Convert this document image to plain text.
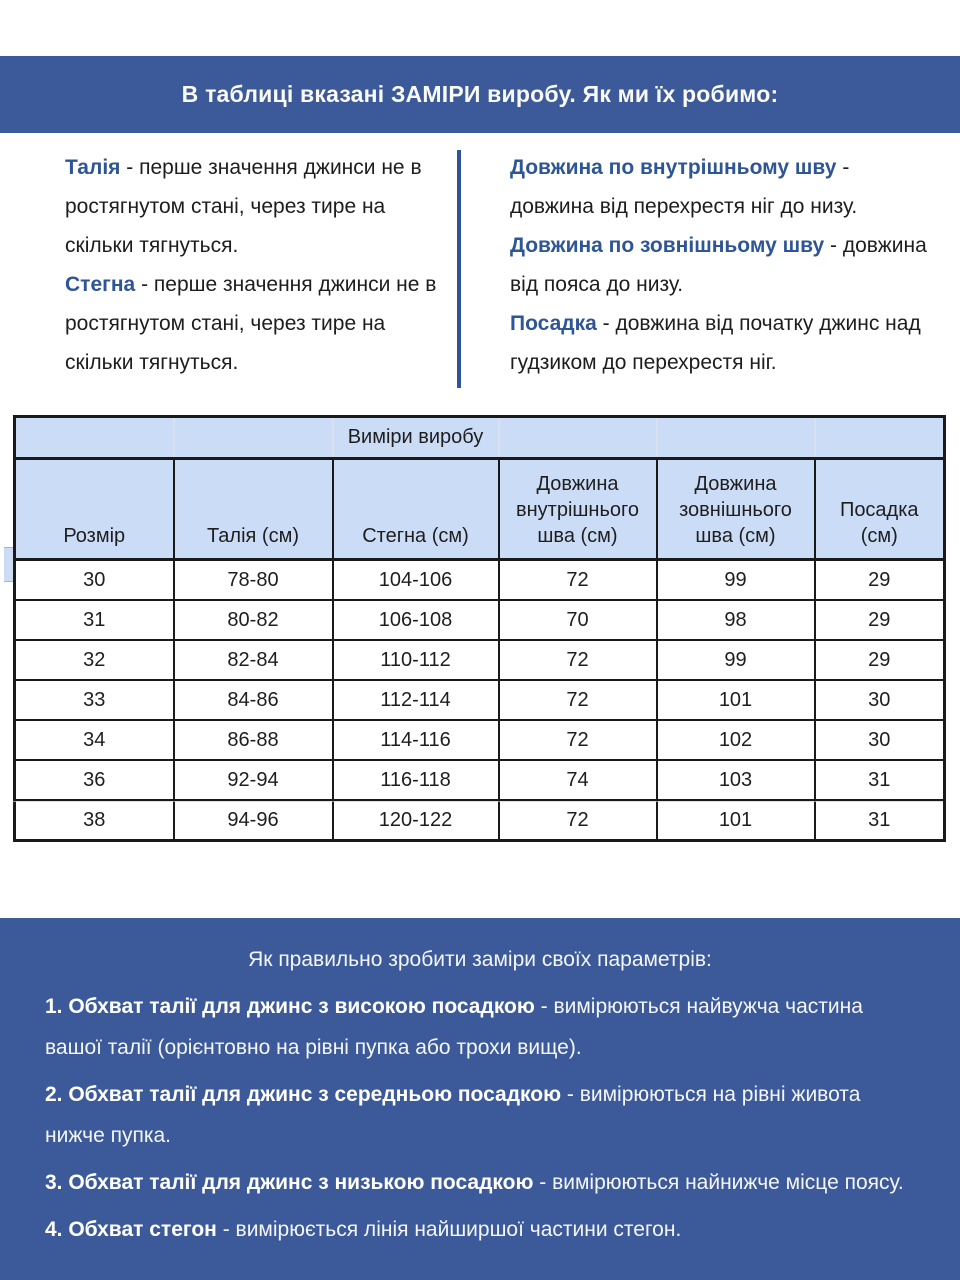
В таблиці вказані ЗАМІРИ виробу. Як ми їх робимо:

Талія - перше значення джинси не в ростягнутом стані, через тире на скільки тягнуться.

Стегна - перше значення джинси не в ростягнутом стані, через тире на скільки тягнуться.

Довжина по внутрішньому шву - довжина від перехрестя ніг до низу.

Довжина по зовнішньому шву - довжина від пояса до низу.

Посадка - довжина від початку джинс над гудзиком до перехрестя ніг.

		Виміри виробу			
Розмір	Талія (см)	Стегна (см)	Довжина внутрішнього шва (см)	Довжина зовнішнього шва (см)	Посадка (см)
30	78-80	104-106	72	99	29
31	80-82	106-108	70	98	29
32	82-84	110-112	72	99	29
33	84-86	112-114	72	101	30
34	86-88	114-116	72	102	30
36	92-94	116-118	74	103	31
38	94-96	120-122	72	101	31
Як правильно зробити заміри своїх параметрів:

1. Обхват талії для джинс з високою посадкою - вимірюються найвужча частина вашої талії (орієнтовно на рівні пупка або трохи вище).

2. Обхват талії для джинс з середньою посадкою - вимірюються на рівні живота нижче пупка.

3. Обхват талії для джинс з низькою посадкою - вимірюються найнижче місце поясу.

4. Обхват стегон - вимірюється лінія найширшої частини стегон.
